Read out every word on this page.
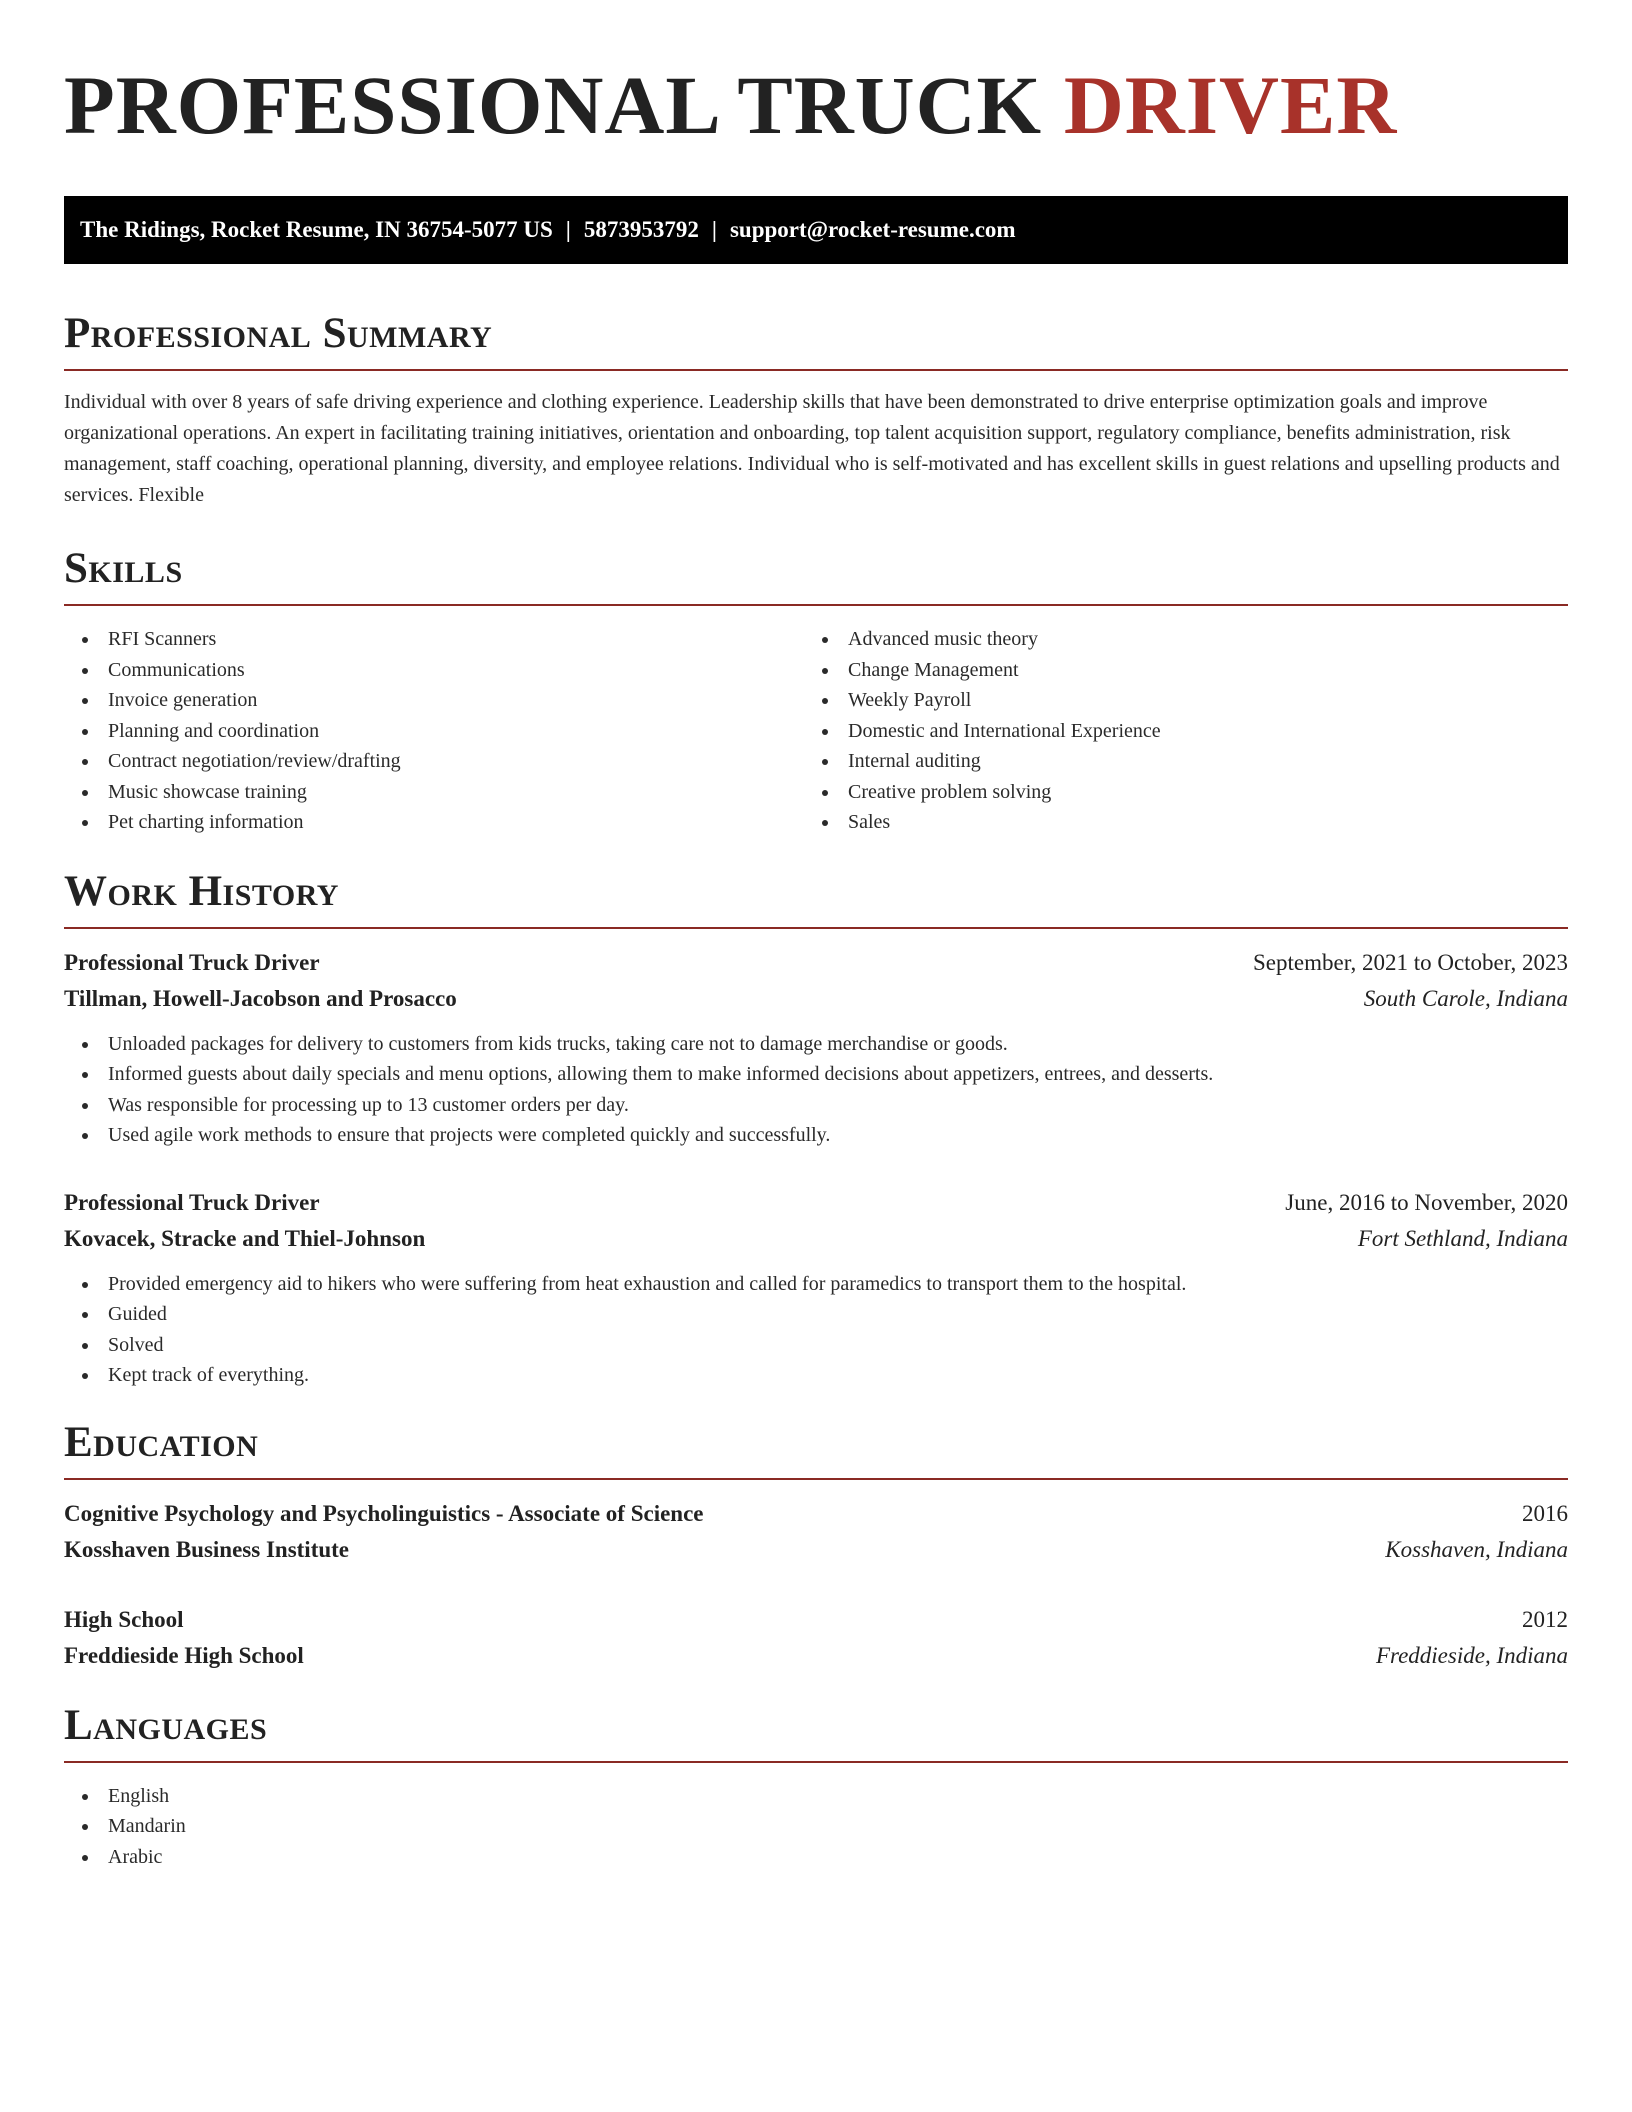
PROFESSIONAL TRUCK DRIVER
The Ridings, Rocket Resume, IN 36754-5077 US | 5873953792 | support@rocket-resume.com
Professional Summary

Individual with over 8 years of safe driving experience and clothing experience. Leadership skills that have been demonstrated to drive enterprise optimization goals and improve organizational operations. An expert in facilitating training initiatives, orientation and onboarding, top talent acquisition support, regulatory compliance, benefits administration, risk management, staff coaching, operational planning, diversity, and employee relations. Individual who is self-motivated and has excellent skills in guest relations and upselling products and services. Flexible

Skills
RFI Scanners
Communications
Invoice generation
Planning and coordination
Contract negotiation/review/drafting
Music showcase training
Pet charting information
Advanced music theory
Change Management
Weekly Payroll
Domestic and International Experience
Internal auditing
Creative problem solving
Sales
Work History
Professional Truck Driver	September, 2021 to October, 2023
Tillman, Howell-Jacobson and Prosacco	South Carole, Indiana
Unloaded packages for delivery to customers from kids trucks, taking care not to damage merchandise or goods.
Informed guests about daily specials and menu options, allowing them to make informed decisions about appetizers, entrees, and desserts.
Was responsible for processing up to 13 customer orders per day.
Used agile work methods to ensure that projects were completed quickly and successfully.
Professional Truck Driver	June, 2016 to November, 2020
Kovacek, Stracke and Thiel-Johnson	Fort Sethland, Indiana
Provided emergency aid to hikers who were suffering from heat exhaustion and called for paramedics to transport them to the hospital.
Guided
Solved
Kept track of everything.
Education
Cognitive Psychology and Psycholinguistics - Associate of Science	2016
Kosshaven Business Institute	Kosshaven, Indiana
High School	2012
Freddieside High School	Freddieside, Indiana
Languages
English
Mandarin
Arabic
